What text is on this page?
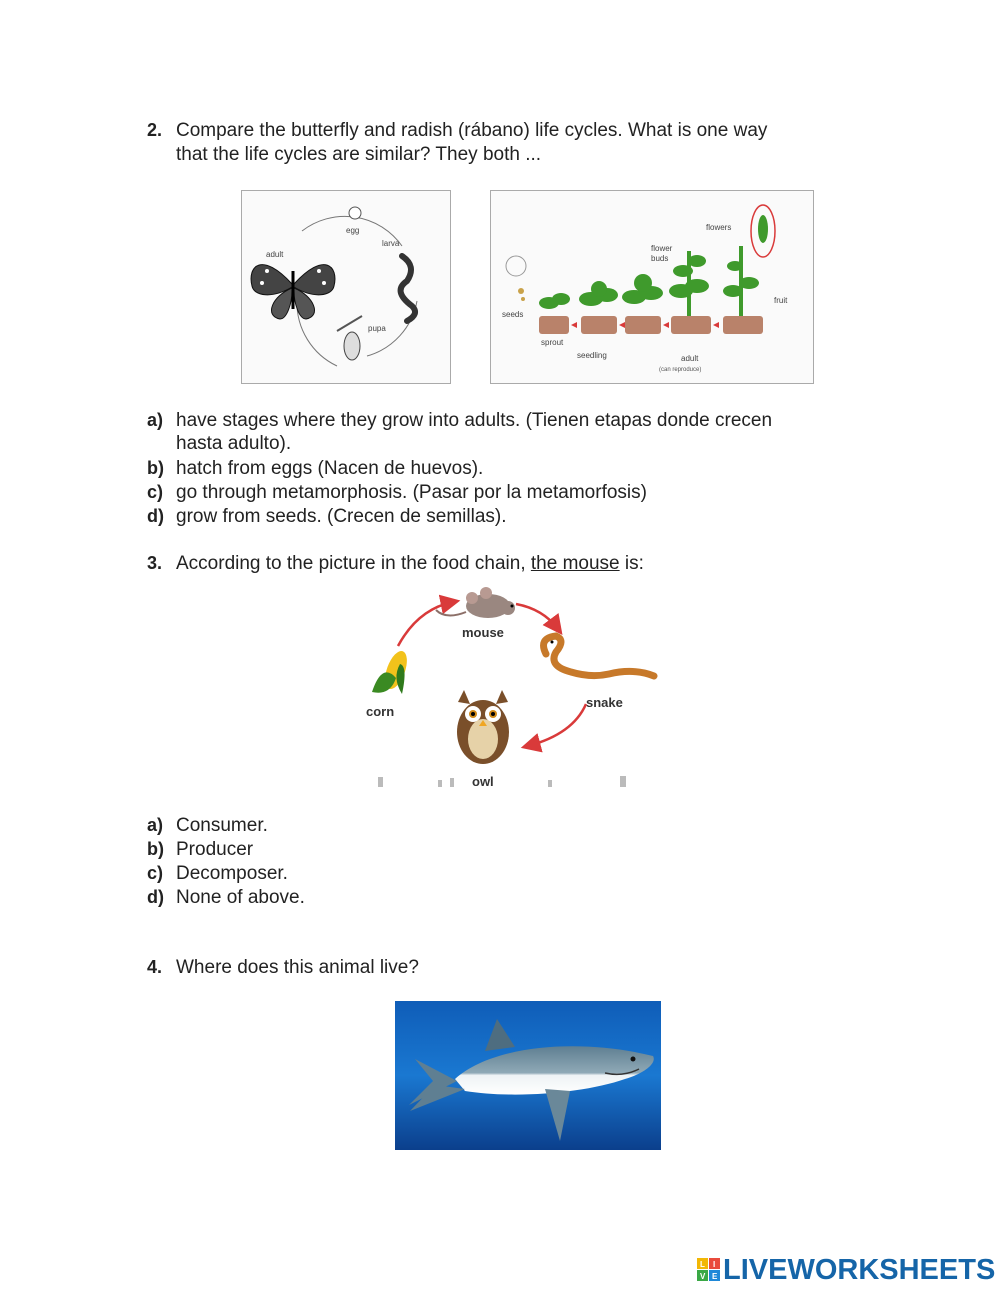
2. Compare the butterfly and radish (rábano) life cycles. What is one way
that the life cycles are similar? They both ...
egg
larva
pupa
adult
seeds
flowers
flower
buds
fruit
sprout
seedling	adult
(can reproduce)
a) have stages where they grow into adults. (Tienen etapas donde crecen
hasta adulto).
b) hatch from eggs (Nacen de huevos).
c) go through metamorphosis. (Pasar por la metamorfosis)
d) grow from seeds. (Crecen de semillas).
3. According to the picture in the food chain, the mouse is:
mouse
corn
snake
owl
a) Consumer.
b) Producer
c) Decomposer.
d) None of above.
4. Where does this animal live?
L I
V E LIVEWORKSHEETS
